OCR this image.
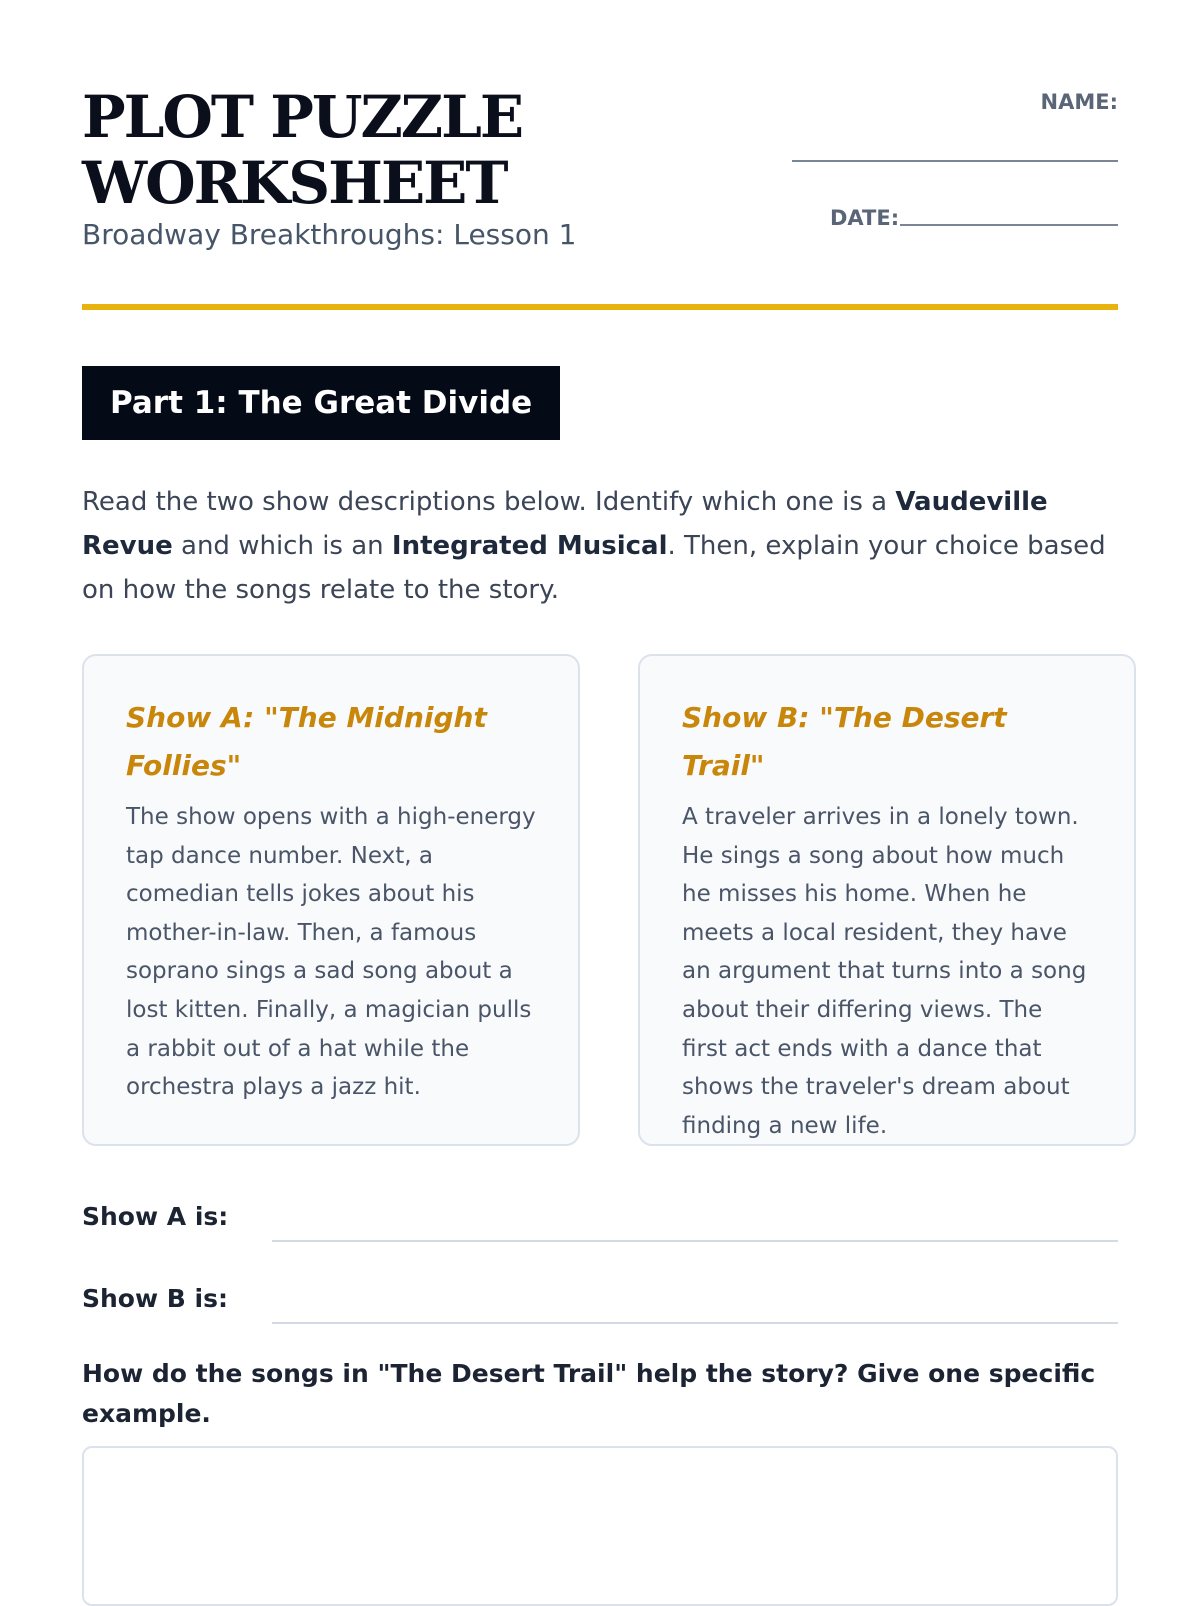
PLOT PUZZLE WORKSHEET
Broadway Breakthroughs: Lesson 1
NAME:
DATE:
Part 1: The Great Divide

Read the two show descriptions below. Identify which one is a Vaudeville Revue and which is an Integrated Musical. Then, explain your choice based on how the songs relate to the story.

Show A: "The Midnight Follies"

The show opens with a high-energy tap dance number. Next, a comedian tells jokes about his mother-in-law. Then, a famous soprano sings a sad song about a lost kitten. Finally, a magician pulls a rabbit out of a hat while the orchestra plays a jazz hit.

Show B: "The Desert Trail"

A traveler arrives in a lonely town. He sings a song about how much he misses his home. When he meets a local resident, they have an argument that turns into a song about their differing views. The first act ends with a dance that shows the traveler's dream about finding a new life.

Show A is:
Show B is:

How do the songs in "The Desert Trail" help the story? Give one specific example.
